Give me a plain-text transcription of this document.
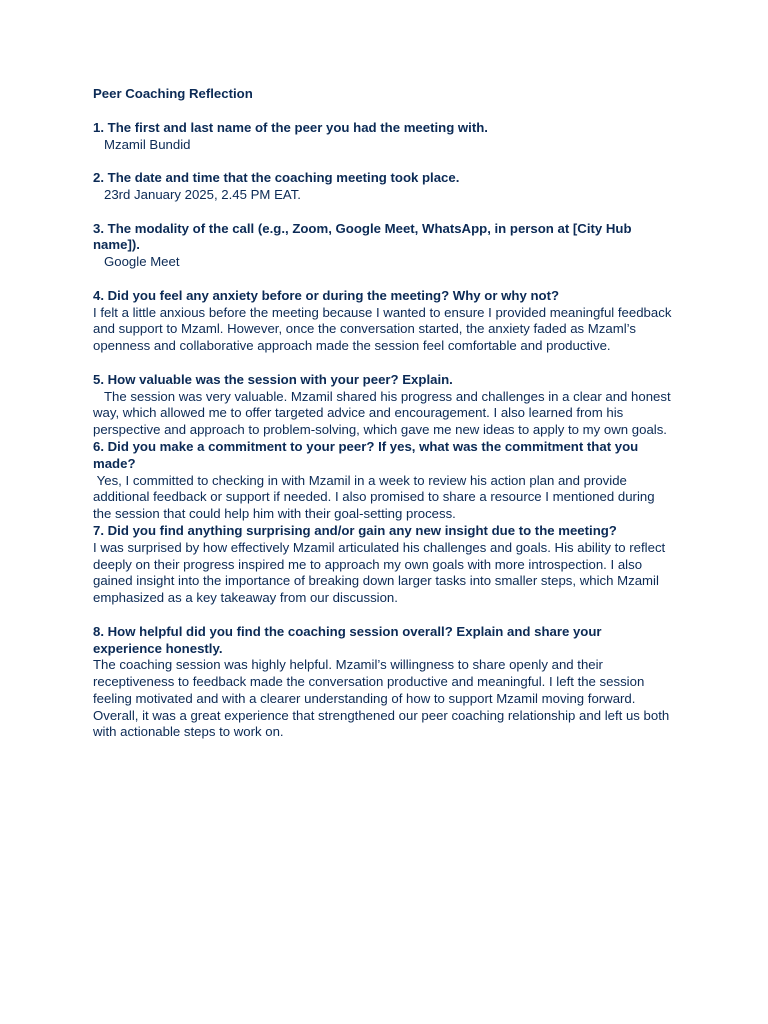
Peer Coaching Reflection
1. The first and last name of the peer you had the meeting with.
Mzamil Bundid
2. The date and time that the coaching meeting took place.
23rd January 2025, 2.45 PM EAT.
3. The modality of the call (e.g., Zoom, Google Meet, WhatsApp, in person at [City Hub name]).
Google Meet
4. Did you feel any anxiety before or during the meeting? Why or why not?
I felt a little anxious before the meeting because I wanted to ensure I provided meaningful feedback and support to Mzaml. However, once the conversation started, the anxiety faded as Mzaml’s openness and collaborative approach made the session feel comfortable and productive.
5. How valuable was the session with your peer? Explain.
The session was very valuable. Mzamil shared his progress and challenges in a clear and honest way, which allowed me to offer targeted advice and encouragement. I also learned from his perspective and approach to problem-solving, which gave me new ideas to apply to my own goals.
6. Did you make a commitment to your peer? If yes, what was the commitment that you made?
Yes, I committed to checking in with Mzamil in a week to review his action plan and provide additional feedback or support if needed. I also promised to share a resource I mentioned during the session that could help him with their goal-setting process.
7. Did you find anything surprising and/or gain any new insight due to the meeting?
I was surprised by how effectively Mzamil articulated his challenges and goals. His ability to reflect deeply on their progress inspired me to approach my own goals with more introspection. I also gained insight into the importance of breaking down larger tasks into smaller steps, which Mzamil emphasized as a key takeaway from our discussion.
8. How helpful did you find the coaching session overall? Explain and share your experience honestly.
The coaching session was highly helpful. Mzamil’s willingness to share openly and their receptiveness to feedback made the conversation productive and meaningful. I left the session feeling motivated and with a clearer understanding of how to support Mzamil moving forward. Overall, it was a great experience that strengthened our peer coaching relationship and left us both with actionable steps to work on.
